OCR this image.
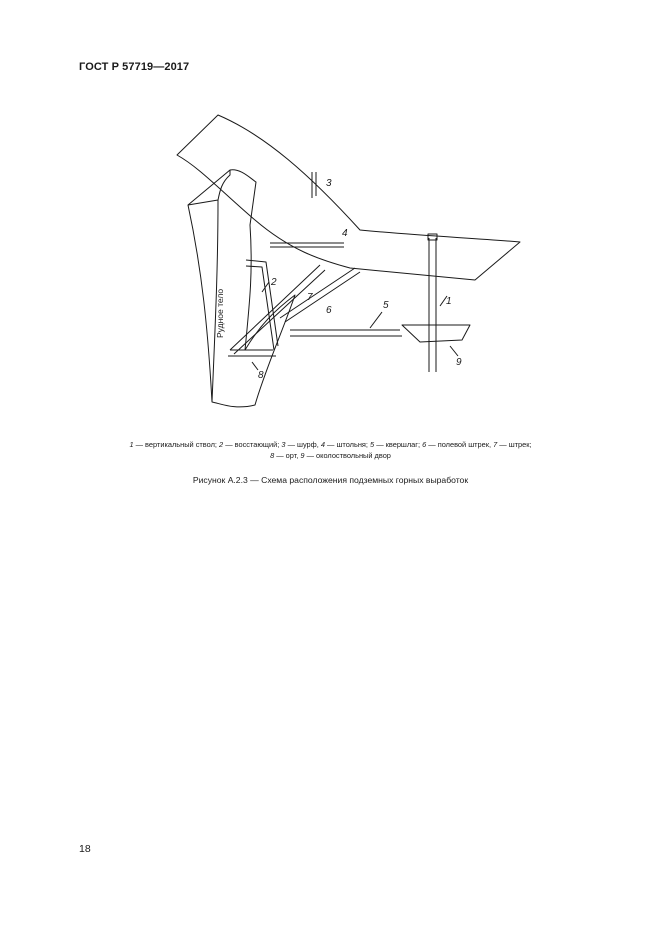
ГОСТ Р 57719—2017
3
4
2
7
6	5	1
9
8
Рудное тело
1 — вертикальный ствол; 2 — восстающий; 3 — шурф, 4 — штольня; 5 — квершлаг; 6 — полевой штрек, 7 — штрек;
8 — орт, 9 — околоствольный двор
Рисунок А.2.3 — Схема расположения подземных горных выработок
18
